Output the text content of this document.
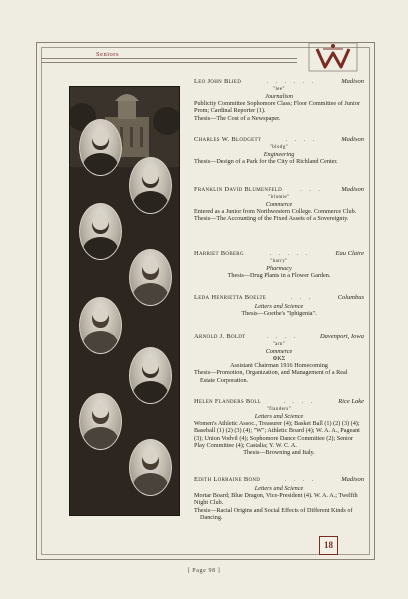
Seniors
Leo John Blied	. . . . . .	Madison
"lee"
Journalism
Publicity Committee Sophomore Class; Floor Committee of Junior Prom; Cardinal Reporter (1).
Thesis—The Cost of a Newspaper.
Charles W. Blodgett	. . . .	Madison
"blodg"
Engineering
Thesis—Design of a Park for the City of Richland Center.
Franklin David Blumenfeld	. . .	Madison
"blumie"
Commerce
Entered as a Junior from Northwestern College. Commerce Club.
Thesis—The Accounting of the Fixed Assets of a Sovereignty.
Harriet Boberg	. . . . .	Eau Claire
"harry"
Pharmacy
Thesis—Drug Plants in a Flower Garden.
Leda Henrietta Boelte	. . .	Columbus
Letters and Science
Thesis—Goethe's "Iphigenia".
Arnold J. Boldt	. . . .	Davenport, Iowa
"arn"
Commerce
ΦΚΣ
Assistant Chairman 1916 Homecoming
Thesis—Promotion, Organization, and Management of a Real Estate Corporation.
Helen Flanders Boll	. . . .	Rice Lake
"flanders"
Letters and Science
Women's Athletic Assoc., Treasurer (4); Basket Ball (1) (2) (3) (4); Baseball (1) (2) (3) (4); "W"; Athletic Board (4); W. A. A., Pageant (3); Union Vodvil (4); Sophomore Dance Committee (2); Senior Play Committee (4); Castalia; Y. W. C. A.
Thesis—Browning and Italy.
Edith Lorraine Bond	. . . .	Madison
Letters and Science
Mortar Board; Blue Dragon, Vice-President (4). W. A. A.; Twelfth Night Club.
Thesis—Racial Origins and Social Effects of Different Kinds of Dancing.
18
[ Page 98 ]
